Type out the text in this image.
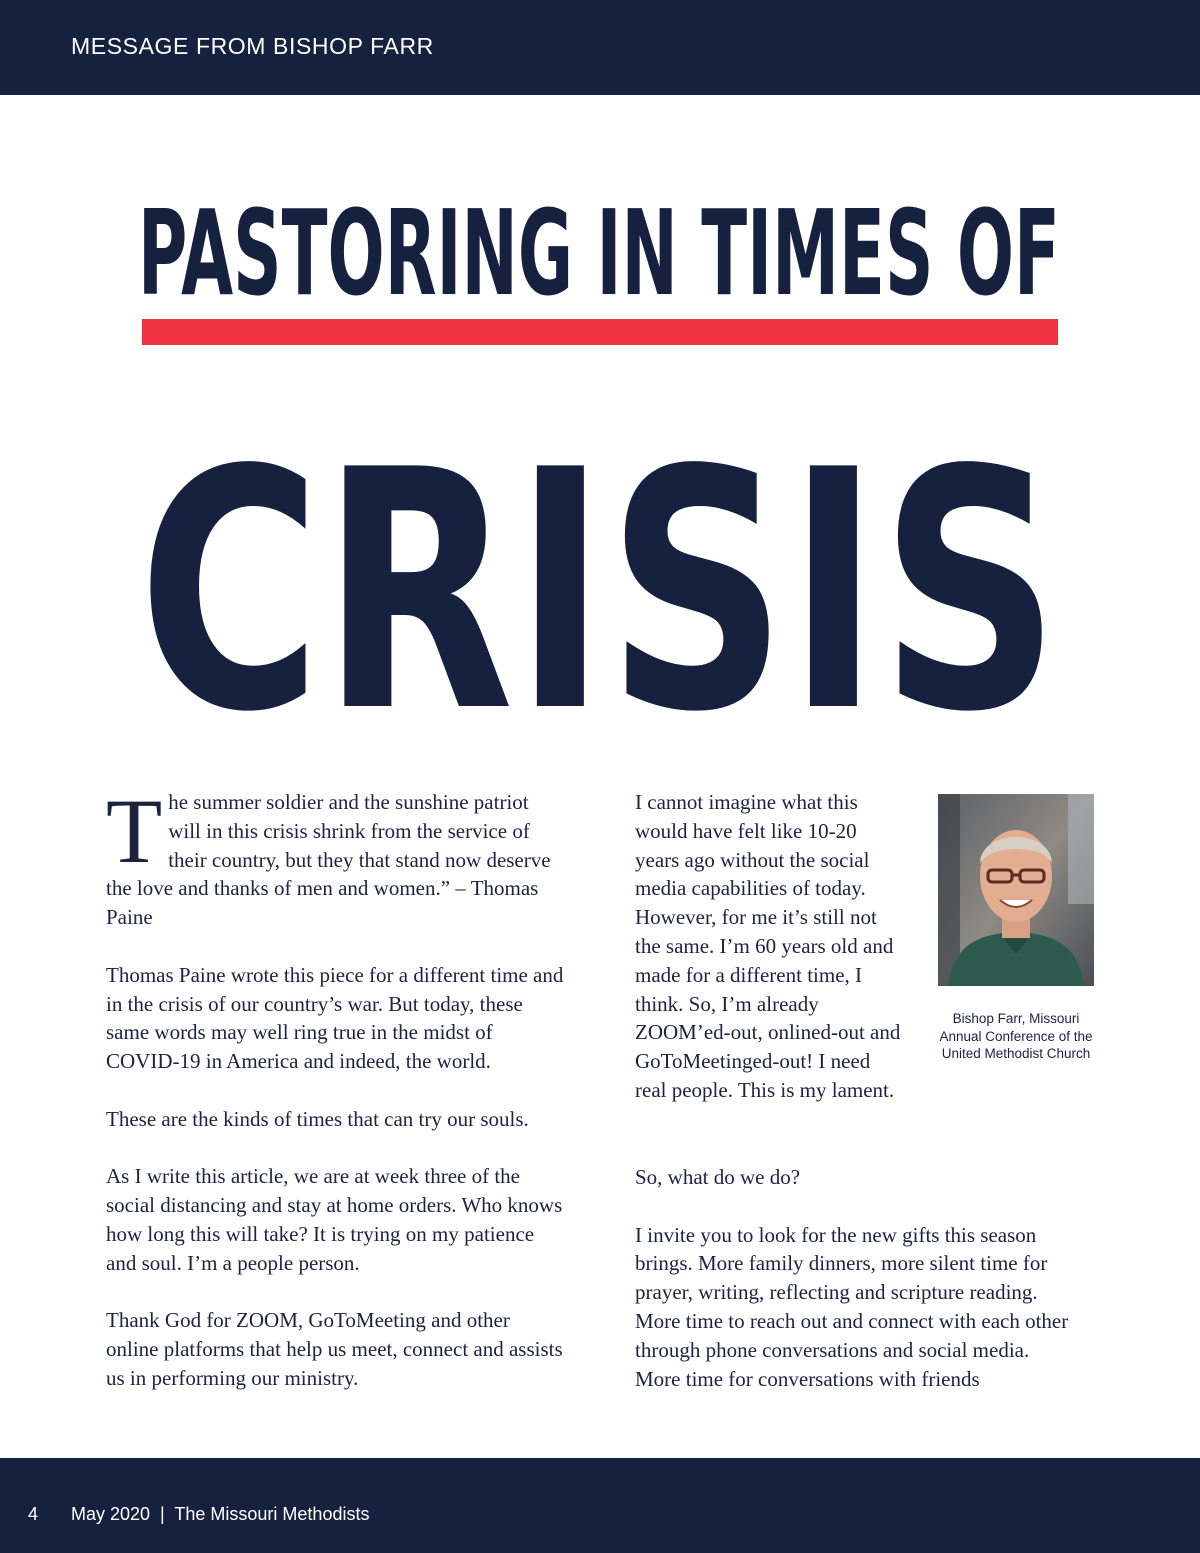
MESSAGE FROM BISHOP FARR
PASTORING IN TIMES OF
CRISIS

The summer soldier and the sunshine patriot will in this crisis shrink from the service of their country, but they that stand now deserve the love and thanks of men and women.” – Thomas Paine

Thomas Paine wrote this piece for a different time and in the crisis of our country’s war. But today, these same words may well ring true in the midst of COVID-19 in America and indeed, the world.

These are the kinds of times that can try our souls.

As I write this article, we are at week three of the social distancing and stay at home orders. Who knows how long this will take? It is trying on my patience and soul. I’m a people person.

Thank God for ZOOM, GoToMeeting and other online platforms that help us meet, connect and assists us in performing our ministry.

I cannot imagine what this would have felt like 10-20 years ago without the social media capabilities of today. However, for me it’s still not the same. I’m 60 years old and made for a different time, I think. So, I’m already ZOOM’ed-out, onlined-out and GoToMeetinged-out! I need real people. This is my lament.

So, what do we do?

I invite you to look for the new gifts this season brings. More family dinners, more silent time for prayer, writing, reflecting and scripture reading. More time to reach out and connect with each other through phone conversations and social media. More time for conversations with friends

Bishop Farr, Missouri Annual Conference of the United Methodist Church
4 May 2020  |  The Missouri Methodists
